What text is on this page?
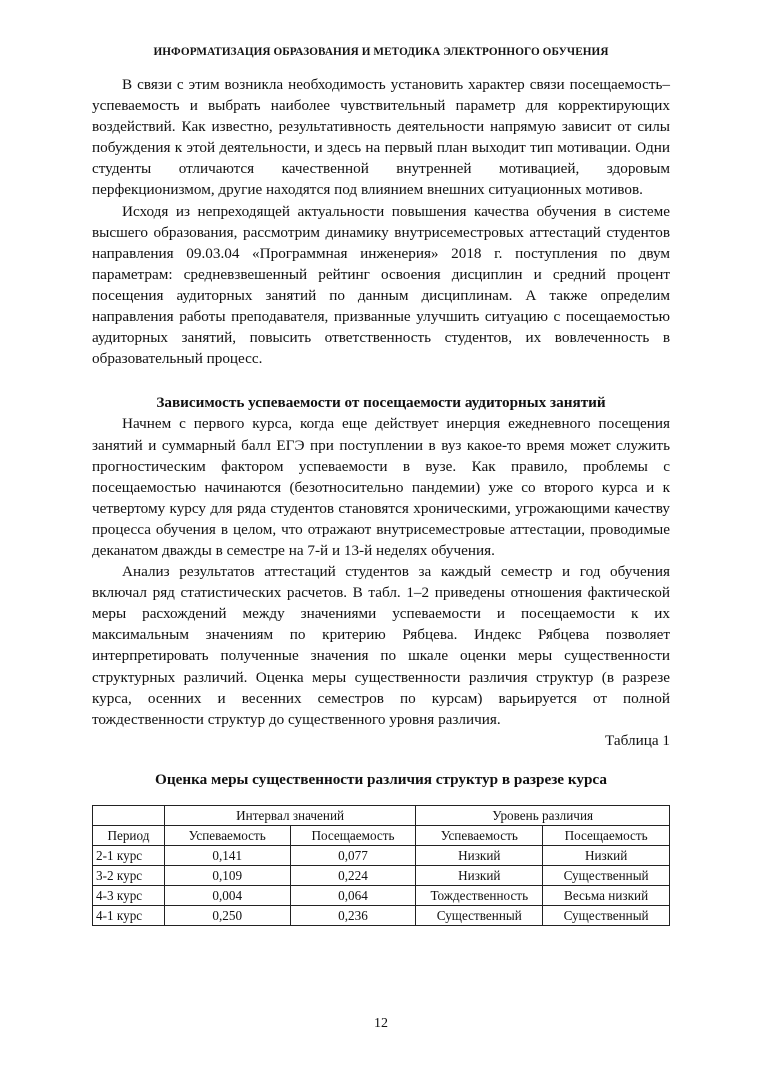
ИНФОРМАТИЗАЦИЯ ОБРАЗОВАНИЯ И МЕТОДИКА ЭЛЕКТРОННОГО ОБУЧЕНИЯ

В связи с этим возникла необходимость установить характер связи посещаемость–успеваемость и выбрать наиболее чувствительный параметр для корректирующих воздействий. Как известно, результативность деятельности напрямую зависит от силы побуждения к этой деятельности, и здесь на первый план выходит тип мотивации. Одни студенты отличаются качественной внутренней мотивацией, здоровым перфекционизмом, другие находятся под влиянием внешних ситуационных мотивов.

Исходя из непреходящей актуальности повышения качества обучения в системе высшего образования, рассмотрим динамику внутрисеместровых аттестаций студентов направления 09.03.04 «Программная инженерия» 2018 г. поступления по двум параметрам: средневзвешенный рейтинг освоения дисциплин и средний процент посещения аудиторных занятий по данным дисциплинам. А также определим направления работы преподавателя, призванные улучшить ситуацию с посещаемостью аудиторных занятий, повысить ответственность студентов, их вовлеченность в образовательный процесс.

Зависимость успеваемости от посещаемости аудиторных занятий

Начнем с первого курса, когда еще действует инерция ежедневного посещения занятий и суммарный балл ЕГЭ при поступлении в вуз какое-то время может служить прогностическим фактором успеваемости в вузе. Как правило, проблемы с посещаемостью начинаются (безотносительно пандемии) уже со второго курса и к четвертому курсу для ряда студентов становятся хроническими, угрожающими качеству процесса обучения в целом, что отражают внутрисеместровые аттестации, проводимые деканатом дважды в семестре на 7-й и 13-й неделях обучения.

Анализ результатов аттестаций студентов за каждый семестр и год обучения включал ряд статистических расчетов. В табл. 1–2 приведены отношения фактической меры расхождений между значениями успеваемости и посещаемости к их максимальным значениям по критерию Рябцева. Индекс Рябцева позволяет интерпретировать полученные значения по шкале оценки меры существенности структурных различий. Оценка меры существенности различия структур (в разрезе курса, осенних и весенних семестров по курсам) варьируется от полной тождественности структур до существенного уровня различия.

Таблица 1
Оценка меры существенности различия структур в разрезе курса
	Интервал значений		Уровень различия	
Период	Успеваемость	Посещаемость	Успеваемость	Посещаемость
2-1 курс	0,141	0,077	Низкий	Низкий
3-2 курс	0,109	0,224	Низкий	Существенный
4-3 курс	0,004	0,064	Тождественность	Весьма низкий
4-1 курс	0,250	0,236	Существенный	Существенный
12
